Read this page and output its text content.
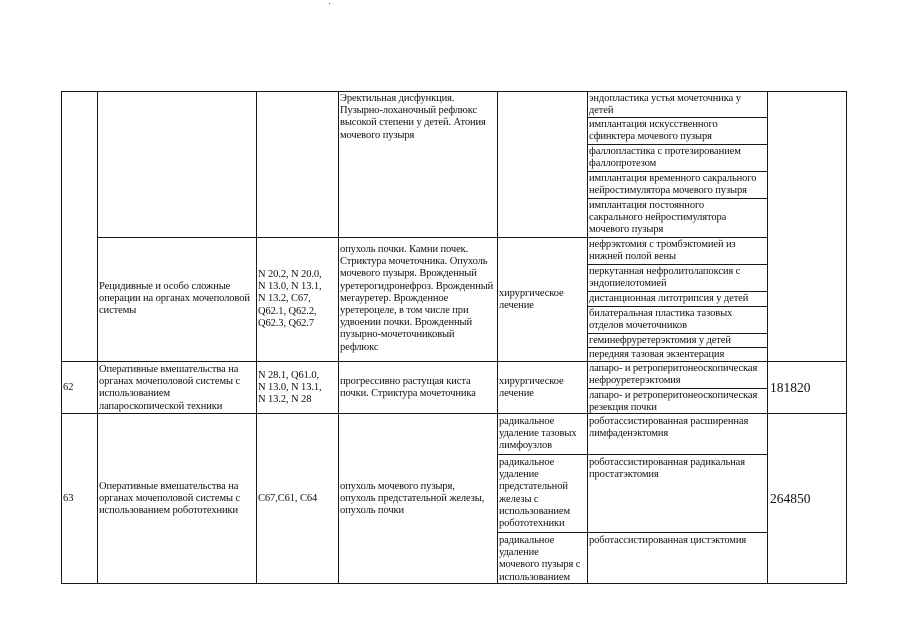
Эректильная дисфункция.
Пузырно-лоханочный рефлюкс
высокой степени у детей. Атония
мочевого пузыря
эндопластика устья мочеточника у
детей
имплантация искусственного
сфинктера мочевого пузыря
фаллопластика с протезированием
фаллопротезом
имплантация временного сакрального
нейростимулятора мочевого пузыря
имплантация постоянного
сакрального нейростимулятора
мочевого пузыря
Рецидивные и особо сложные
операции на органах мочеполовой
системы
N 20.2, N 20.0,
N 13.0, N 13.1,
N 13.2, C67,
Q62.1, Q62.2,
Q62.3, Q62.7
опухоль почки. Камни почек.
Стриктура мочеточника. Опухоль
мочевого пузыря. Врожденный
уретерогидронефроз. Врожденный
мегауретер. Врожденное
уретероцеле, в том числе при
удвоении почки. Врожденный
пузырно-мочеточниковый
рефлюкс
хирургическое
лечение
нефрэктомия с тромбэктомией из
нижней полой вены
перкутанная нефролитолапоксия с
эндопиелотомией
дистанционная литотрипсия у детей
билатеральная пластика тазовых
отделов мочеточников
геминефруретерэктомия у детей
передняя тазовая экзентерация
62
Оперативные вмешательства на
органах мочеполовой системы с
использованием
лапароскопической техники
N 28.1, Q61.0,
N 13.0, N 13.1,
N 13.2, N 28
прогрессивно растущая киста
почки. Стриктура мочеточника
хирургическое
лечение
лапаро- и ретроперитонеоскопическая
нефроуретерэктомия
лапаро- и ретроперитонеоскопическая
резекция почки
181820
63
Оперативные вмешательства на
органах мочеполовой системы с
использованием робототехники
C67,C61, C64
опухоль мочевого пузыря,
опухоль предстательной железы,
опухоль почки
радикальное
удаление тазовых
лимфоузлов
радикальное
удаление
предстательной
железы с
использованием
робототехники
радикальное
удаление
мочевого пузыря с
использованием
роботассистированная расширенная
лимфаденэктомия
роботассистированная радикальная
простатэктомия
роботассистированная цистэктомия
264850
